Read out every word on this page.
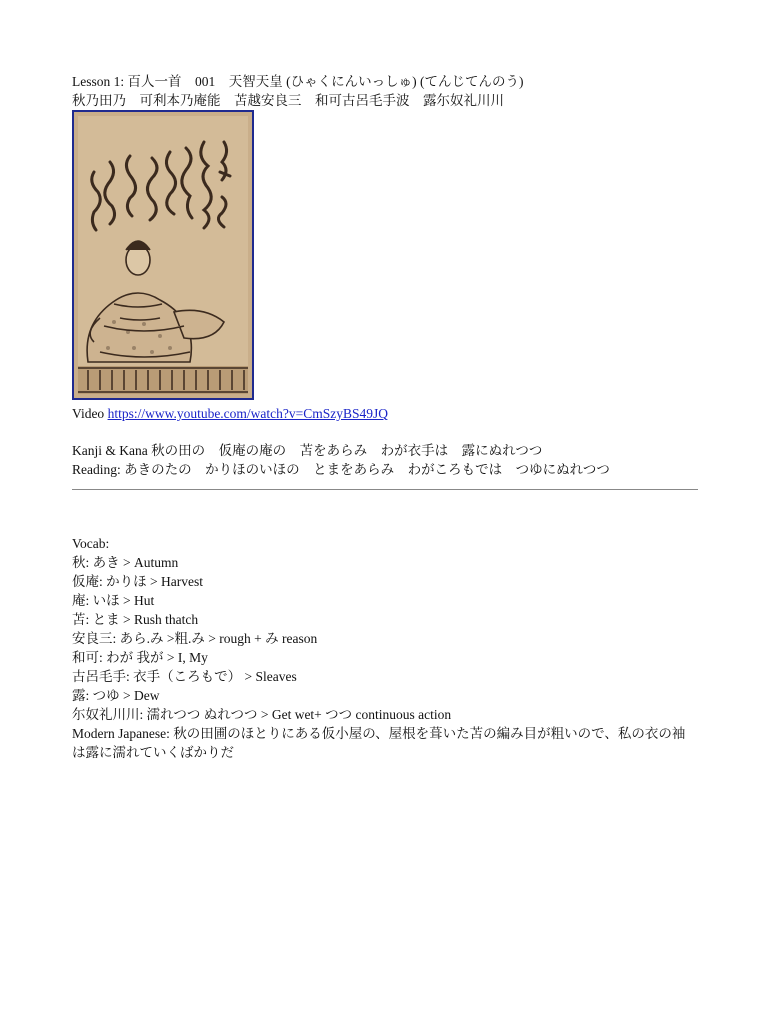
Lesson 1: 百人一首　001　天智天皇 (ひゃくにんいっしゅ) (てんじてんのう)
秋乃田乃　可利本乃庵能　苫越安良三　和可古呂毛手波　露尓奴礼川川
Video https://www.youtube.com/watch?v=CmSzyBS49JQ
Kanji & Kana 秋の田の　仮庵の庵の　苫をあらみ　わが衣手は　露にぬれつつ
Reading: あきのたの　かりほのいほの　とまをあらみ　わがころもでは　つゆにぬれつつ
Vocab:
秋: あき > Autumn
仮庵: かりほ > Harvest
庵: いほ > Hut
苫: とま > Rush thatch
安良三: あら.み >粗.み > rough + み reason
和可: わが 我が > I, My
古呂毛手: 衣手（ころもで） > Sleaves
露: つゆ > Dew
尓奴礼川川: 濡れつつ ぬれつつ > Get wet+ つつ continuous action
Modern Japanese: 秋の田圃のほとりにある仮小屋の、屋根を葺いた苫の編み目が粗いので、私の衣の袖は露に濡れていくばかりだ
